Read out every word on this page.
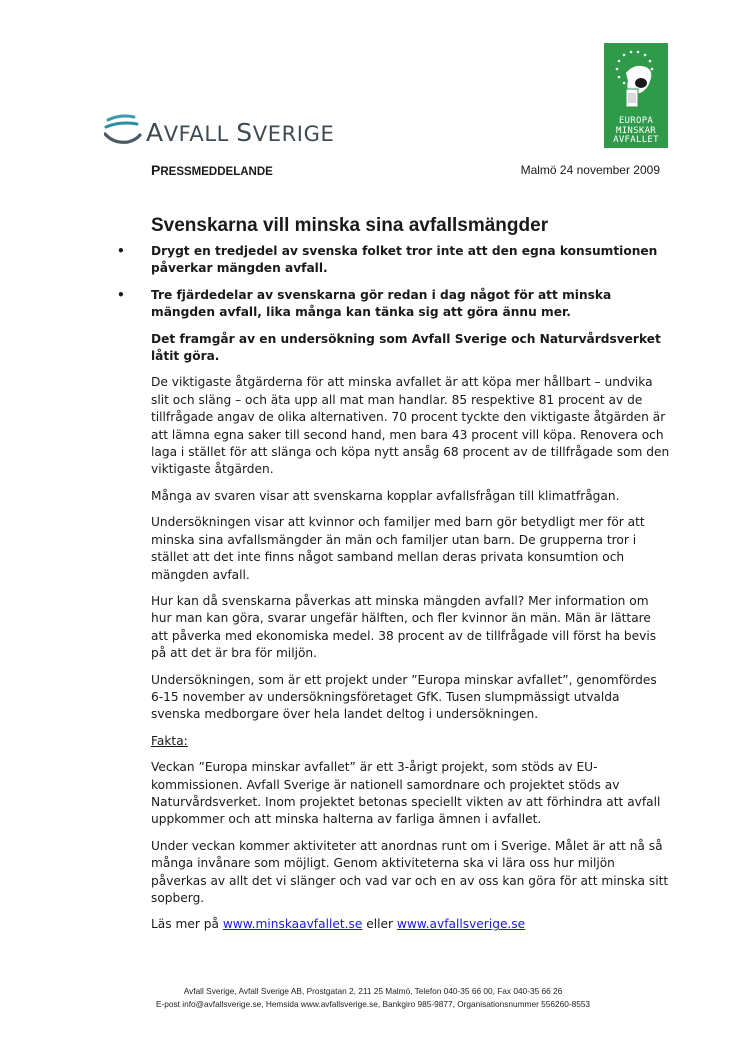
AVFALL SVERIGE
EUROPA
MINSKAR
AVFALLET
PRESSMEDDELANDE	Malmö 24 november 2009
Svenskarna vill minska sina avfallsmängder
• Drygt en tredjedel av svenska folket tror inte att den egna konsumtionen påverkar mängden avfall.
• Tre fjärdedelar av svenskarna gör redan i dag något för att minska mängden avfall, lika många kan tänka sig att göra ännu mer.

Det framgår av en undersökning som Avfall Sverige och Naturvårdsverket låtit göra.

De viktigaste åtgärderna för att minska avfallet är att köpa mer hållbart – undvika slit och släng – och äta upp all mat man handlar. 85 respektive 81 procent av de tillfrågade angav de olika alternativen. 70 procent tyckte den viktigaste åtgärden är att lämna egna saker till second hand, men bara 43 procent vill köpa. Renovera och laga i stället för att slänga och köpa nytt ansåg 68 procent av de tillfrågade som den viktigaste åtgärden.

Många av svaren visar att svenskarna kopplar avfallsfrågan till klimatfrågan.

Undersökningen visar att kvinnor och familjer med barn gör betydligt mer för att minska sina avfallsmängder än män och familjer utan barn. De grupperna tror i stället att det inte finns något samband mellan deras privata konsumtion och mängden avfall.

Hur kan då svenskarna påverkas att minska mängden avfall? Mer information om hur man kan göra, svarar ungefär hälften, och fler kvinnor än män. Män är lättare att påverka med ekonomiska medel. 38 procent av de tillfrågade vill först ha bevis på att det är bra för miljön.

Undersökningen, som är ett projekt under ”Europa minskar avfallet”, genomfördes 6-15 november av undersökningsföretaget GfK. Tusen slumpmässigt utvalda svenska medborgare över hela landet deltog i undersökningen.

Fakta:

Veckan ”Europa minskar avfallet” är ett 3-årigt projekt, som stöds av EU-kommissionen. Avfall Sverige är nationell samordnare och projektet stöds av Naturvårdsverket. Inom projektet betonas speciellt vikten av att förhindra att avfall uppkommer och att minska halterna av farliga ämnen i avfallet.

Under veckan kommer aktiviteter att anordnas runt om i Sverige. Målet är att nå så många invånare som möjligt. Genom aktiviteterna ska vi lära oss hur miljön påverkas av allt det vi slänger och vad var och en av oss kan göra för att minska sitt sopberg.

Läs mer på www.minskaavfallet.se eller www.avfallsverige.se

Avfall Sverige, Avfall Sverige AB, Prostgatan 2, 211 25 Malmö, Telefon 040-35 66 00, Fax 040-35 66 26
E-post info@avfallsverige.se, Hemsida www.avfallsverige.se, Bankgiro 985-9877, Organisationsnummer 556260-8553
